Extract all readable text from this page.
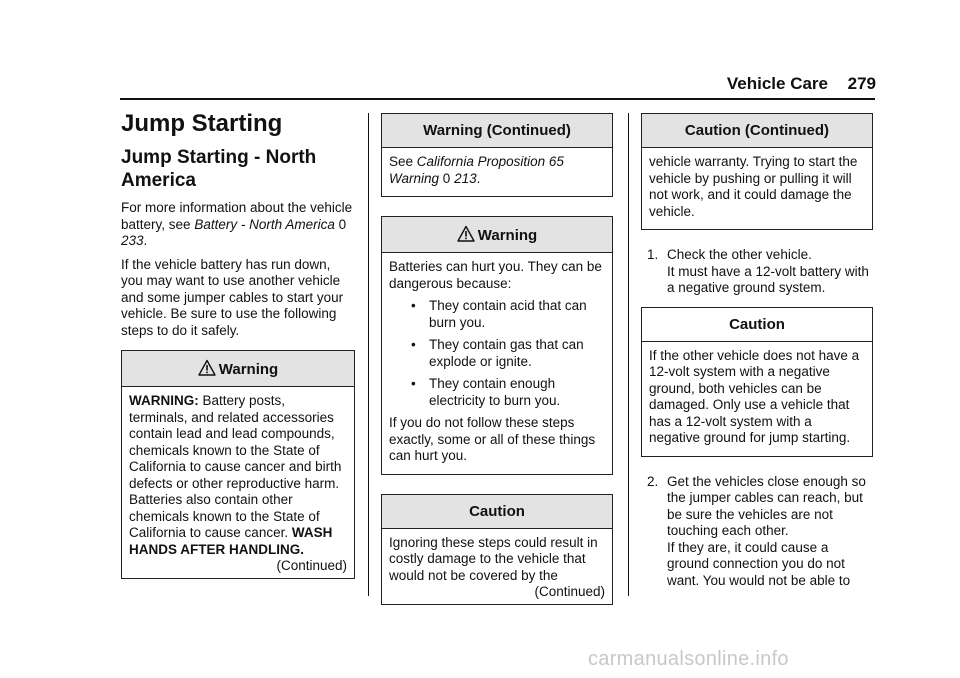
Vehicle Care 279
Jump Starting
Jump Starting - North
America

For more information about the vehicle battery, see Battery - North America 0 233.

If the vehicle battery has run down, you may want to use another vehicle and some jumper cables to start your vehicle. Be sure to use the following steps to do it safely.

Warning

WARNING: Battery posts, terminals, and related accessories contain lead and lead compounds, chemicals known to the State of California to cause cancer and birth defects or other reproductive harm. Batteries also contain other chemicals known to the State of California to cause cancer. WASH HANDS AFTER HANDLING.

(Continued)
Warning (Continued)

See California Proposition 65 Warning 0 213.

Warning

Batteries can hurt you. They can be dangerous because:

• They contain acid that can burn you.
• They contain gas that can explode or ignite.
• They contain enough electricity to burn you.

If you do not follow these steps exactly, some or all of these things can hurt you.

Caution

Ignoring these steps could result in costly damage to the vehicle that would not be covered by the

(Continued)
Caution (Continued)

vehicle warranty. Trying to start the vehicle by pushing or pulling it will not work, and it could damage the vehicle.

1. Check the other vehicle.
It must have a 12-volt battery with a negative ground system.
Caution

If the other vehicle does not have a 12-volt system with a negative ground, both vehicles can be damaged. Only use a vehicle that has a 12-volt system with a negative ground for jump starting.

2. Get the vehicles close enough so the jumper cables can reach, but be sure the vehicles are not touching each other.
If they are, it could cause a ground connection you do not want. You would not be able to
carmanualsonline.info
